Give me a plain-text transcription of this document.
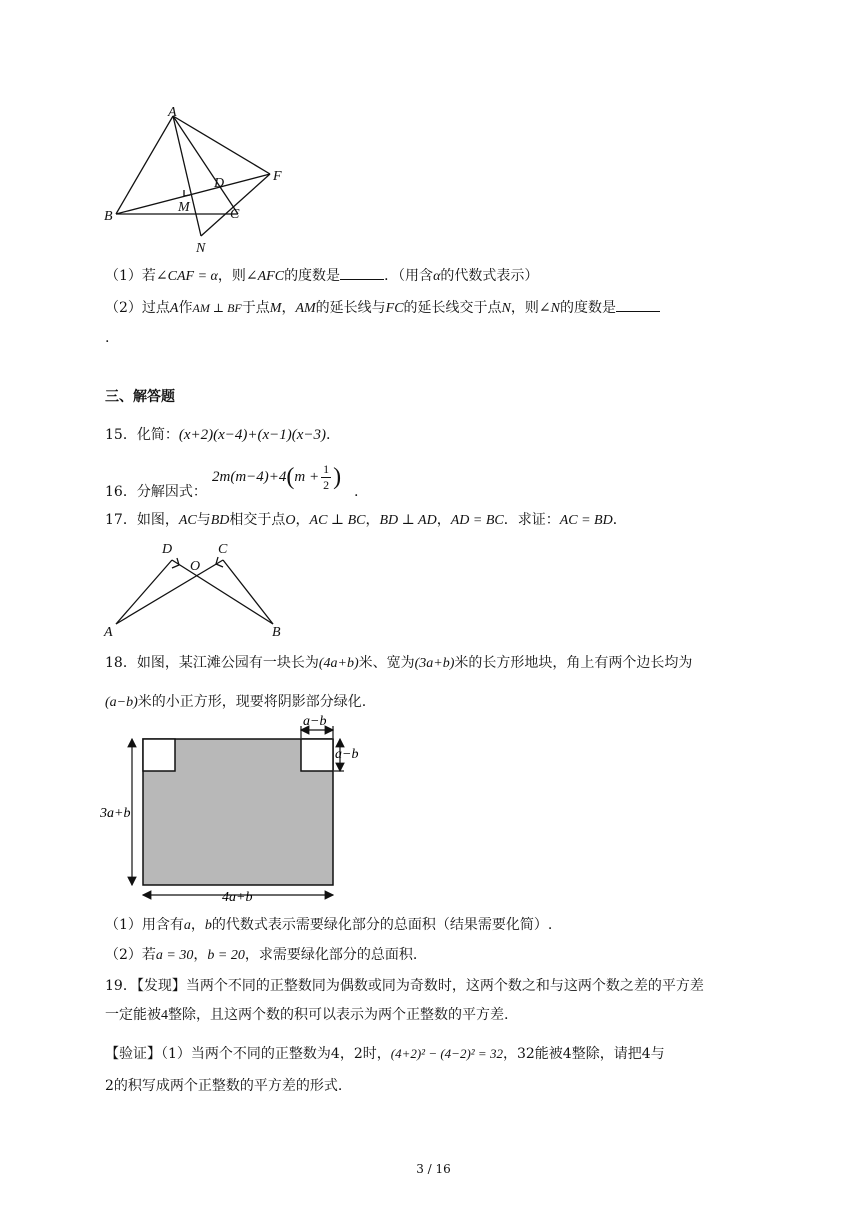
A
D	F
B
M	C
N
（1）若∠CAF = α，则∠AFC的度数是	．（用含α的代数式表示）
（2）过点A作AM ⊥ BF于点M，AM的延长线与FC的延长线交于点N，则∠N的度数是
.
三、解答题
15．化简：(x+2)(x−4)+(x−1)(x−3).
16．分解因式：
2m(m−4)+4 ( $m + \frac{1}{2}$ )
.
17．如图，AC与BD相交于点O，AC ⊥ BC，BD ⊥ AD，AD = BC．求证：AC = BD．
D	C
O
A	B
18．如图，某江滩公园有一块长为(4a+b)米、宽为(3a+b)米的长方形地块，角上有两个边长均为
(a−b)米的小正方形，现要将阴影部分绿化.
a−b
a−b
3a+b
4a+b
（1）用含有a，b的代数式表示需要绿化部分的总面积（结果需要化简）.
（2）若a = 30，b = 20，求需要绿化部分的总面积.
19．【发现】当两个不同的正整数同为偶数或同为奇数时，这两个数之和与这两个数之差的平方差
一定能被4整除，且这两个数的积可以表示为两个正整数的平方差.
【验证】（1）当两个不同的正整数为4，2时，(4+2)² − (4−2)² = 32，32能被4整除，请把4与
2的积写成两个正整数的平方差的形式.
3 / 16
